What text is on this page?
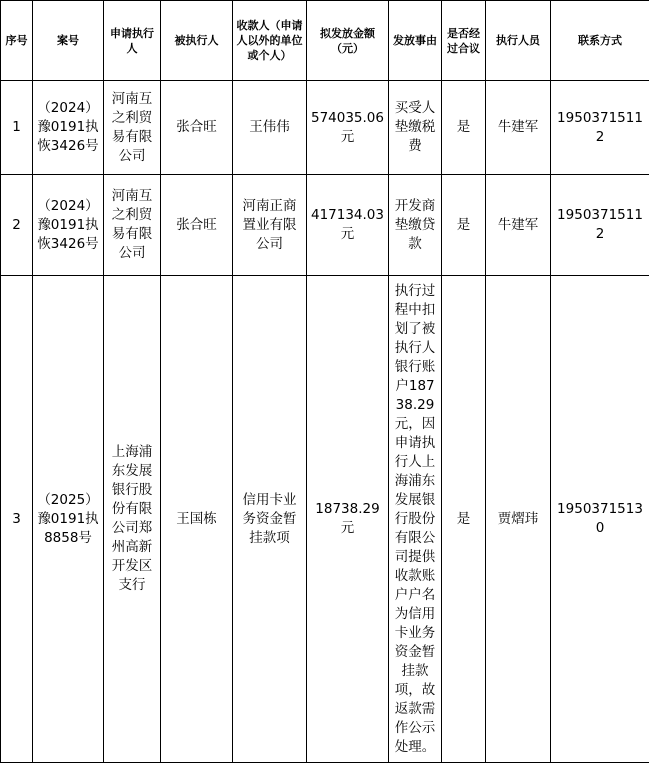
序号	案号	申请执行人	被执行人	收款人（申请人以外的单位或个人）	拟发放金额（元）	发放事由	是否经过合议	执行人员	联系方式
1	（2024）豫0191执恢3426号	河南互之利贸易有限公司	张合旺	王伟伟	574035.06元	买受人垫缴税费	是	牛建军	19503715112
2	（2024）豫0191执恢3426号	河南互之利贸易有限公司	张合旺	河南正商置业有限公司	417134.03元	开发商垫缴贷款	是	牛建军	19503715112
3	（2025）豫0191执8858号	上海浦东发展银行股份有限公司郑州高新开发区支行	王国栋	信用卡业务资金暂挂款项	18738.29元	执行过程中扣划了被执行人银行账户18738.29元，因申请执行人上海浦东发展银行股份有限公司提供收款账户户名为信用卡业务资金暂挂款项，故返款需作公示处理。	是	贾熠玮	19503715130
